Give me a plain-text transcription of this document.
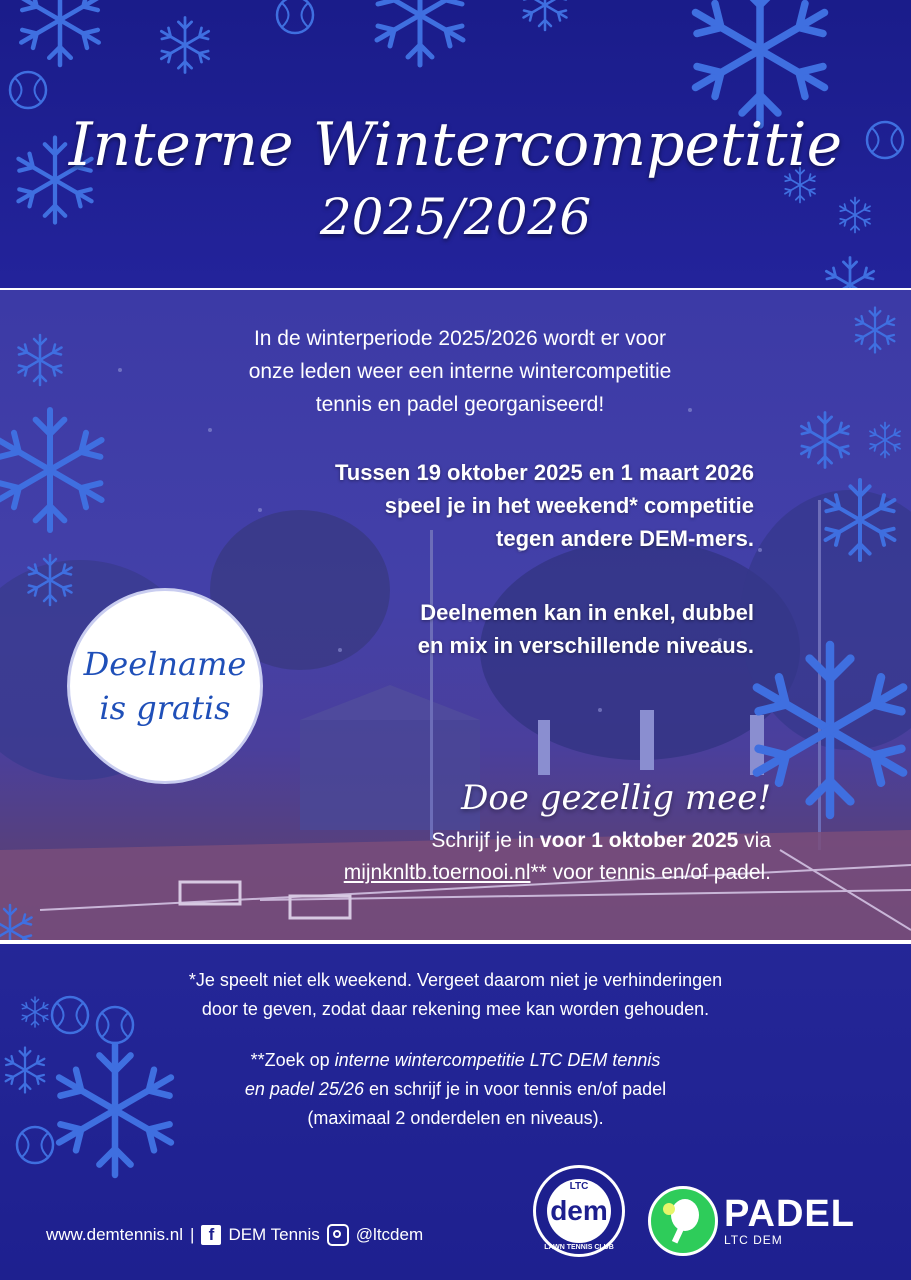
Interne Wintercompetitie
2025/2026
In de winterperiode 2025/2026 wordt er voor
onze leden weer een interne wintercompetitie
tennis en padel georganiseerd!
Tussen 19 oktober 2025 en 1 maart 2026
speel je in het weekend* competitie
tegen andere DEM-mers.
Deelnemen kan in enkel, dubbel
en mix in verschillende niveaus.
Deelname
is gratis
Doe gezellig mee!
Schrijf je in voor 1 oktober 2025 via
mijnknltb.toernooi.nl** voor tennis en/of padel.
*Je speelt niet elk weekend. Vergeet daarom niet je verhinderingen
door te geven, zodat daar rekening mee kan worden gehouden.
**Zoek op interne wintercompetitie LTC DEM tennis
en padel 25/26 en schrijf je in voor tennis en/of padel
(maximaal 2 onderdelen en niveaus).
www.demtennis.nl | f DEM Tennis @ltcdem
LTC
dem
LAWN TENNIS CLUB
PADEL
LTC DEM
